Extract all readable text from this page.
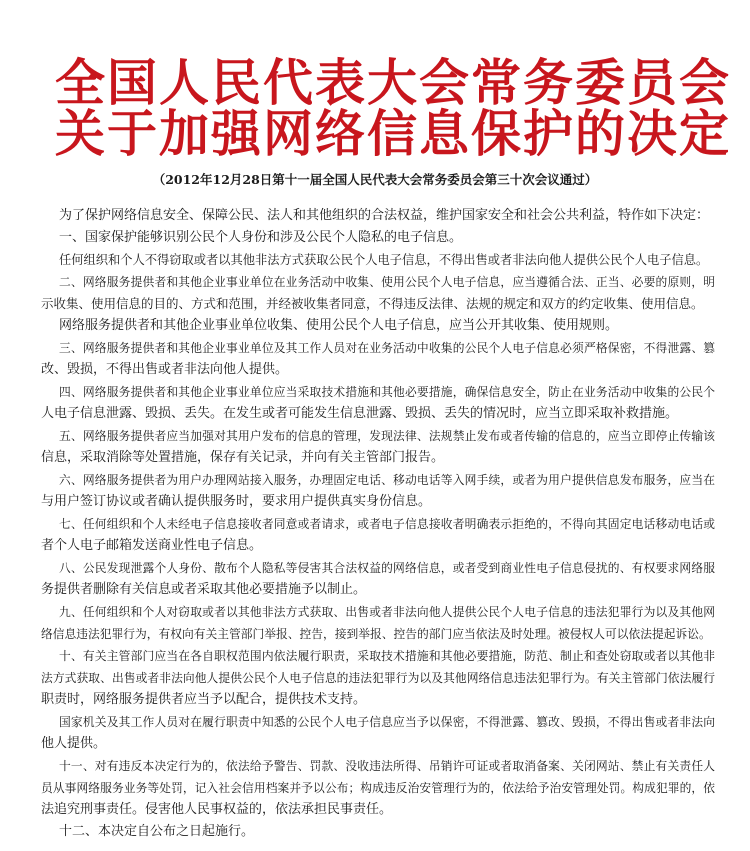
全国人民代表大会常务委员会
关于加强网络信息保护的决定
（2012年12月28日第十一届全国人民代表大会常务委员会第三十次会议通过）
为了保护网络信息安全、保障公民、法人和其他组织的合法权益，维护国家安全和社会公共利益，特作如下决定：
一、国家保护能够识别公民个人身份和涉及公民个人隐私的电子信息。
任何组织和个人不得窃取或者以其他非法方式获取公民个人电子信息，不得出售或者非法向他人提供公民个人电子信息。
二、网络服务提供者和其他企业事业单位在业务活动中收集、使用公民个人电子信息，应当遵循合法、正当、必要的原则，明
示收集、使用信息的目的、方式和范围，并经被收集者同意，不得违反法律、法规的规定和双方的约定收集、使用信息。
网络服务提供者和其他企业事业单位收集、使用公民个人电子信息，应当公开其收集、使用规则。
三、网络服务提供者和其他企业事业单位及其工作人员对在业务活动中收集的公民个人电子信息必须严格保密，不得泄露、篡
改、毁损，不得出售或者非法向他人提供。
四、网络服务提供者和其他企业事业单位应当采取技术措施和其他必要措施，确保信息安全，防止在业务活动中收集的公民个
人电子信息泄露、毁损、丢失。在发生或者可能发生信息泄露、毁损、丢失的情况时，应当立即采取补救措施。
五、网络服务提供者应当加强对其用户发布的信息的管理，发现法律、法规禁止发布或者传输的信息的，应当立即停止传输该
信息，采取消除等处置措施，保存有关记录，并向有关主管部门报告。
六、网络服务提供者为用户办理网站接入服务，办理固定电话、移动电话等入网手续，或者为用户提供信息发布服务，应当在
与用户签订协议或者确认提供服务时，要求用户提供真实身份信息。
七、任何组织和个人未经电子信息接收者同意或者请求，或者电子信息接收者明确表示拒绝的，不得向其固定电话移动电话或
者个人电子邮箱发送商业性电子信息。
八、公民发现泄露个人身份、散布个人隐私等侵害其合法权益的网络信息，或者受到商业性电子信息侵扰的、有权要求网络服
务提供者删除有关信息或者采取其他必要措施予以制止。
九、任何组织和个人对窃取或者以其他非法方式获取、出售或者非法向他人提供公民个人电子信息的违法犯罪行为以及其他网
络信息违法犯罪行为，有权向有关主管部门举报、控告，接到举报、控告的部门应当依法及时处理。被侵权人可以依法提起诉讼。
十、有关主管部门应当在各自职权范围内依法履行职责，采取技术措施和其他必要措施，防范、制止和查处窃取或者以其他非
法方式获取、出售或者非法向他人提供公民个人电子信息的违法犯罪行为以及其他网络信息违法犯罪行为。有关主管部门依法履行
职责时，网络服务提供者应当予以配合，提供技术支持。
国家机关及其工作人员对在履行职责中知悉的公民个人电子信息应当予以保密，不得泄露、篡改、毁损，不得出售或者非法向
他人提供。
十一、对有违反本决定行为的，依法给予警告、罚款、没收违法所得、吊销许可证或者取消备案、关闭网站、禁止有关责任人
员从事网络服务业务等处罚，记入社会信用档案并予以公布；构成违反治安管理行为的，依法给予治安管理处罚。构成犯罪的，依
法追究刑事责任。侵害他人民事权益的，依法承担民事责任。
十二、本决定自公布之日起施行。
